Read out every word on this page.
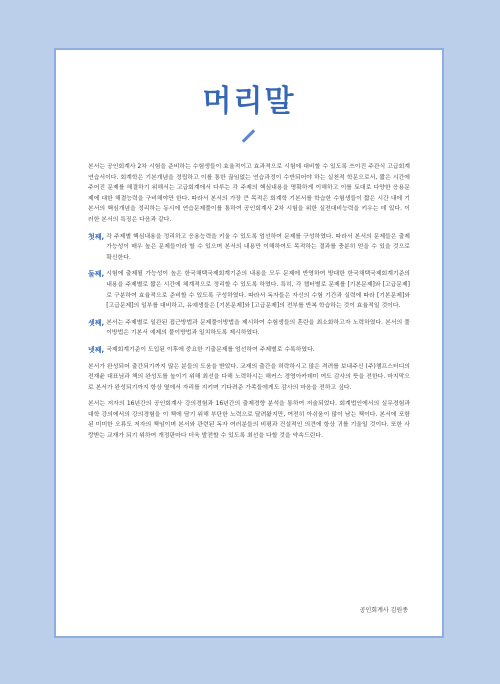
머리말

본서는 공인회계사 2차 시험을 준비하는 수험생들이 효율적이고 효과적으로 시험에 대비할 수 있도록 쓰이진 주관식 고급회계 연습서이다. 회계학은 기본개념을 정립하고 이를 통한 끊임없는 연습과정이 수반되어야 하는 실천적 학문으로서, 짧은 시간에 주어진 문제를 해결하기 위해서는 고급회계에서 다루는 각 주제의 핵심내용을 명확하게 이해하고 이를 토대로 다양한 응용문제에 대한 해결능력을 구비해야만 한다. 따라서 본서의 가장 큰 목적은 회계학 기본서를 학습한 수험생들이 짧은 시간 내에 기본서의 핵심개념을 정리하는 동시에 연습문제풀이를 통하여 공인회계사 2차 시험을 위한 실전대비능력을 키우는 데 있다. 이러한 본서의 특징은 다음과 같다.

첫째, 각 주제별 핵심내용을 정리하고 응용능력을 키울 수 있도록 엄선하여 문제를 구성하였다. 따라서 본서의 문제들은 출제가능성이 매우 높은 문제들이라 할 수 있으며 본서의 내용만 이해하여도 목적하는 결과를 충분히 얻을 수 있을 것으로 확신한다.
둘째, 시험에 출제될 가능성이 높은 한국채택국제회계기준의 내용을 모두 문제에 반영하여 방대한 한국채택국제회계기준의 내용을 주제별로 짧은 시간에 체계적으로 정리할 수 있도록 하였다. 특히, 각 챕터별로 문제를 [기본문제]와 [고급문제]로 구분하여 효율적으로 준비할 수 있도록 구성하였다. 따라서 독자들은 자신의 수험 기간과 실력에 따라 [기본문제]와 [고급문제]의 일부를 대비하고, 유예생들은 [기본문제]와 [고급문제]의 전부를 반복 학습하는 것이 효율적일 것이다.
셋째, 본서는 주제별로 일관된 접근방법과 문제풀이방법을 제시하여 수험생들의 혼란을 최소화하고자 노력하였다. 본서의 풀이방법은 기본서 예제의 풀이방법과 일치하도록 제시하였다.
넷째, 국제회계기준이 도입된 이후에 중요한 기출문제를 엄선하여 주제별로 수록하였다.

본서가 완성되어 출간되기까지 많은 분들의 도움을 받았다. 교재의 출간을 허락하시고 많은 격려를 보내주신 (주)챔프스터디의 전재윤 대표님과 책의 완성도를 높이기 위해 최선을 다해 노력하시는 해커스 경영아카데미 여도 감사의 뜻을 전한다. 마지막으로 본서가 완성되기까지 항상 옆에서 자리를 지키며 기다려준 가족들에게도 감사의 마음을 전하고 싶다.

본서는 저자의 16년간의 공인회계사 강의경험과 16년간의 출제경향 분석을 통하여 저술되었다. 회계법인에서의 실무경험과 대학 강의에서의 강의경험을 이 책에 담기 위해 부단한 노력으로 달려왔지만, 여전히 아쉬움이 많이 남는 책이다. 본서에 포함된 미미한 오류도 저자의 책임이며 본서와 관련된 독자 여러분들의 비평과 건설적인 의견에 항상 귀를 기울일 것이다. 또한 사랑받는 교재가 되기 위하여 개정판마다 더욱 발전할 수 있도록 최선을 다할 것을 약속드린다.

공인회계사 김원종
